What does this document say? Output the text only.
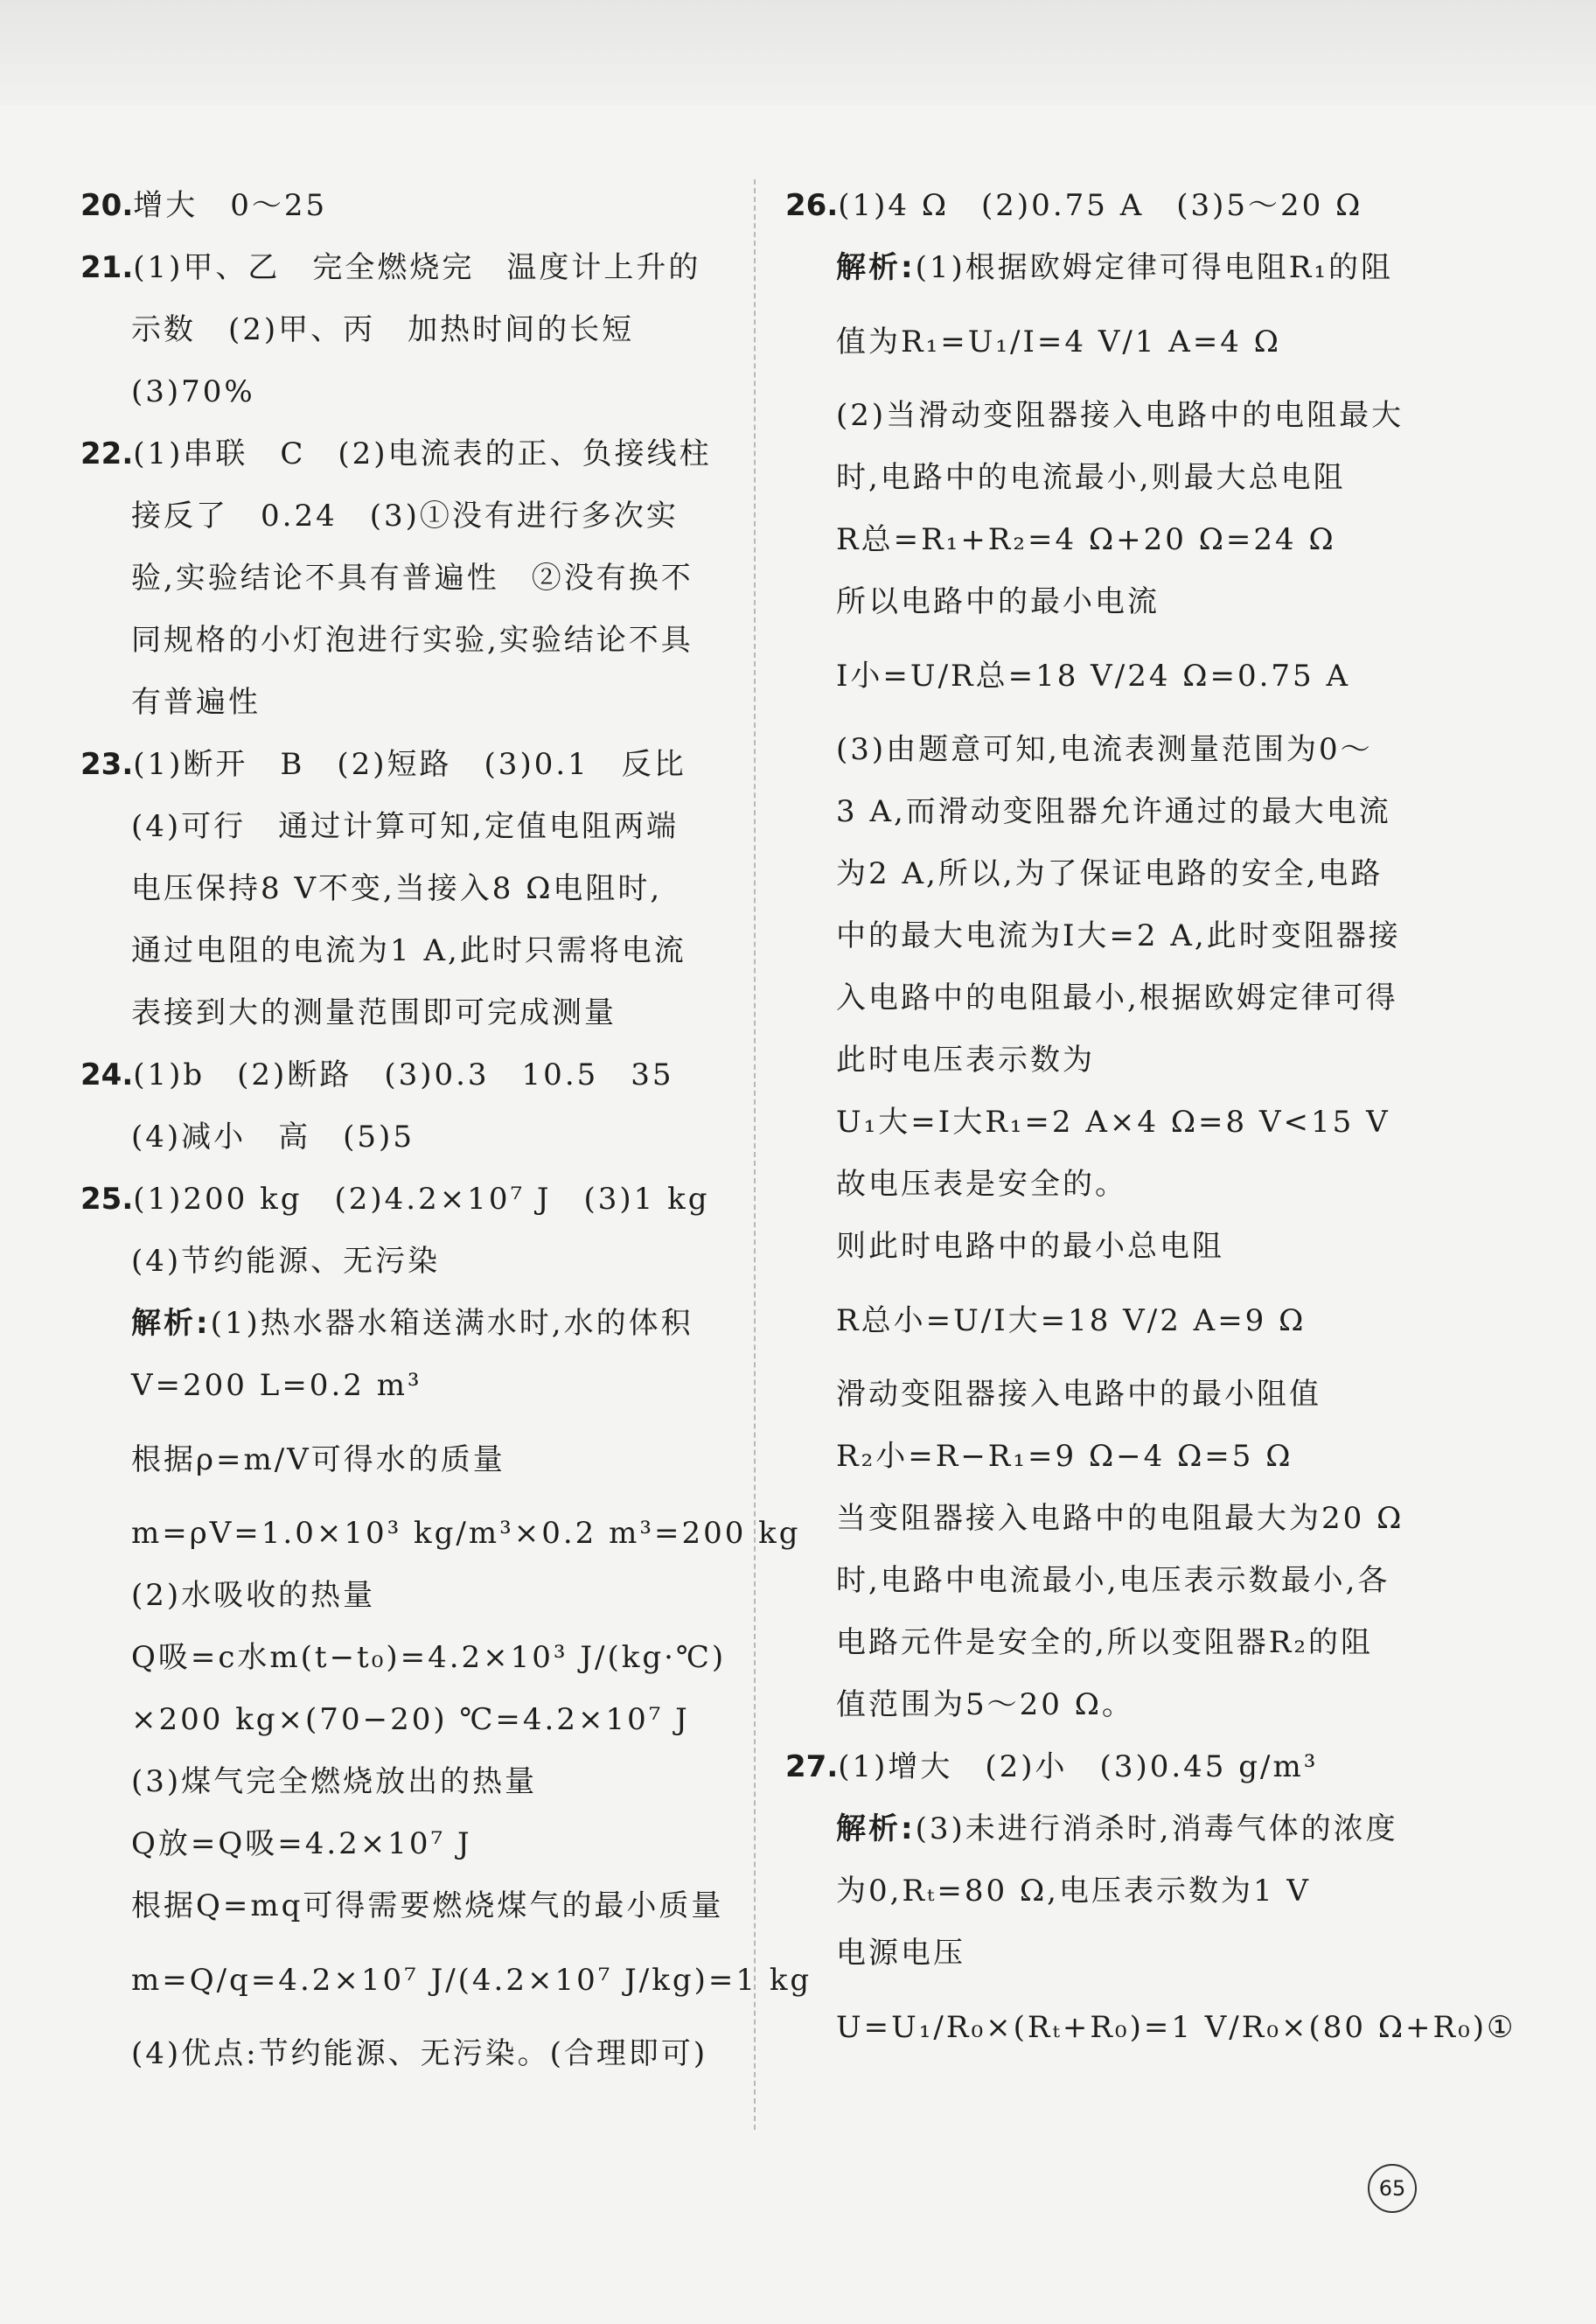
20.增大　0～25
21.(1)甲、乙　完全燃烧完　温度计上升的
示数　(2)甲、丙　加热时间的长短
(3)70%
22.(1)串联　C　(2)电流表的正、负接线柱
接反了　0.24　(3)①没有进行多次实
验,实验结论不具有普遍性　②没有换不
同规格的小灯泡进行实验,实验结论不具
有普遍性
23.(1)断开　B　(2)短路　(3)0.1　反比
(4)可行　通过计算可知,定值电阻两端
电压保持8 V不变,当接入8 Ω电阻时,
通过电阻的电流为1 A,此时只需将电流
表接到大的测量范围即可完成测量
24.(1)b　(2)断路　(3)0.3　10.5　35
(4)减小　高　(5)5
25.(1)200 kg　(2)4.2×10⁷ J　(3)1 kg
(4)节约能源、无污染
解析:(1)热水器水箱送满水时,水的体积
V=200 L=0.2 m³
根据ρ=m/V可得水的质量
m=ρV=1.0×10³ kg/m³×0.2 m³=200 kg
(2)水吸收的热量
Q吸=c水m(t−t₀)=4.2×10³ J/(kg·℃)
×200 kg×(70−20) ℃=4.2×10⁷ J
(3)煤气完全燃烧放出的热量
Q放=Q吸=4.2×10⁷ J
根据Q=mq可得需要燃烧煤气的最小质量
m=Q/q=4.2×10⁷ J/(4.2×10⁷ J/kg)=1 kg
(4)优点:节约能源、无污染。(合理即可)
26.(1)4 Ω　(2)0.75 A　(3)5～20 Ω
解析:(1)根据欧姆定律可得电阻R₁的阻
值为R₁=U₁/I=4 V/1 A=4 Ω
(2)当滑动变阻器接入电路中的电阻最大
时,电路中的电流最小,则最大总电阻
R总=R₁+R₂=4 Ω+20 Ω=24 Ω
所以电路中的最小电流
I小=U/R总=18 V/24 Ω=0.75 A
(3)由题意可知,电流表测量范围为0～
3 A,而滑动变阻器允许通过的最大电流
为2 A,所以,为了保证电路的安全,电路
中的最大电流为I大=2 A,此时变阻器接
入电路中的电阻最小,根据欧姆定律可得
此时电压表示数为
U₁大=I大R₁=2 A×4 Ω=8 V<15 V
故电压表是安全的。
则此时电路中的最小总电阻
R总小=U/I大=18 V/2 A=9 Ω
滑动变阻器接入电路中的最小阻值
R₂小=R−R₁=9 Ω−4 Ω=5 Ω
当变阻器接入电路中的电阻最大为20 Ω
时,电路中电流最小,电压表示数最小,各
电路元件是安全的,所以变阻器R₂的阻
值范围为5～20 Ω。
27.(1)增大　(2)小　(3)0.45 g/m³
解析:(3)未进行消杀时,消毒气体的浓度
为0,Rₜ=80 Ω,电压表示数为1 V
电源电压
U=U₁/R₀×(Rₜ+R₀)=1 V/R₀×(80 Ω+R₀)①
65
